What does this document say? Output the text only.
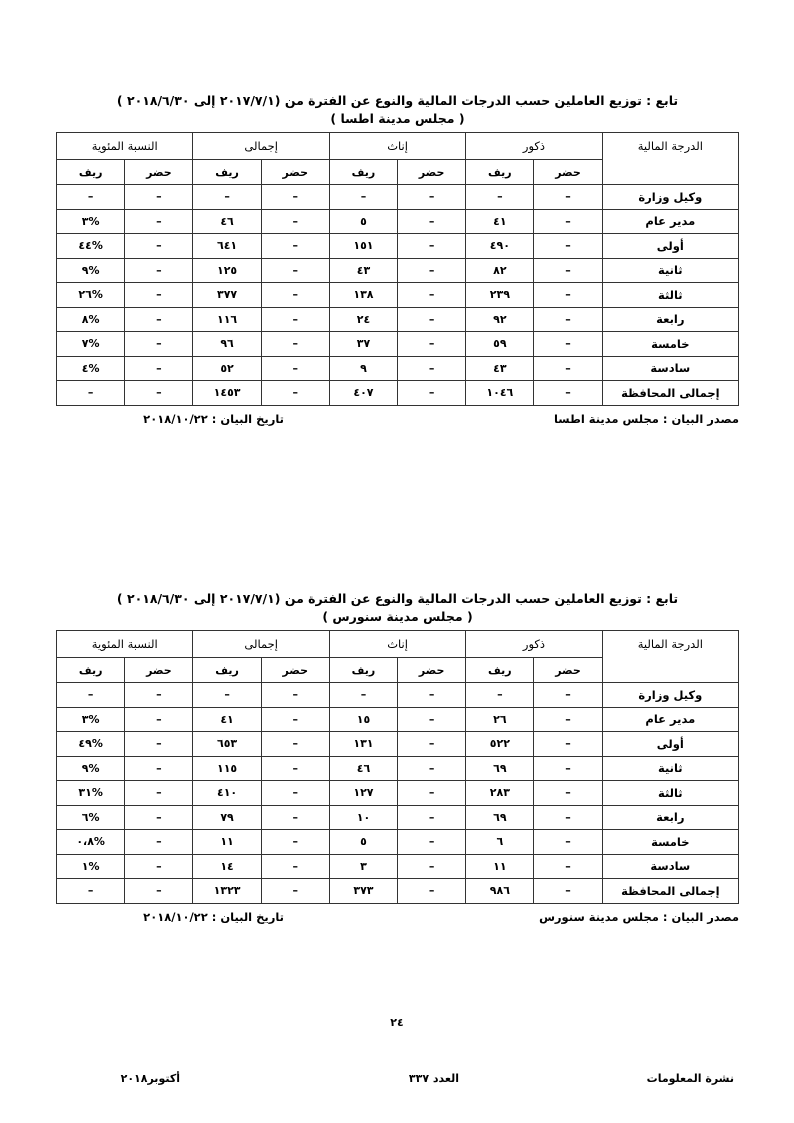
تابع : توزيع العاملين حسب الدرجات المالية والنوع عن الفترة من (٢٠١٧/٧/١ إلى ٢٠١٨/٦/٣٠ )
( مجلس مدينة اطسا )
الدرجة المالية	ذكور		إناث		إجمالى		النسبة المئوية	
	حضر	ريف	حضر	ريف	حضر	ريف	حضر	ريف
وكيل وزارة	–	–	–	–	–	–	–	–
مدير عام	–	٤١	–	٥	–	٤٦	–	%٣
أولى	–	٤٩٠	–	١٥١	–	٦٤١	–	%٤٤
ثانية	–	٨٢	–	٤٣	–	١٢٥	–	%٩
ثالثة	–	٢٣٩	–	١٣٨	–	٣٧٧	–	%٢٦
رابعة	–	٩٢	–	٢٤	–	١١٦	–	%٨
خامسة	–	٥٩	–	٣٧	–	٩٦	–	%٧
سادسة	–	٤٣	–	٩	–	٥٢	–	%٤
إجمالى المحافظة	–	١٠٤٦	–	٤٠٧	–	١٤٥٣	–	–
مصدر البيان : مجلس مدينة اطسا
تاريخ البيان : ٢٠١٨/١٠/٢٢
تابع : توزيع العاملين حسب الدرجات المالية والنوع عن الفترة من (٢٠١٧/٧/١ إلى ٢٠١٨/٦/٣٠ )
( مجلس مدينة سنورس )
الدرجة المالية	ذكور		إناث		إجمالى		النسبة المئوية	
	حضر	ريف	حضر	ريف	حضر	ريف	حضر	ريف
وكيل وزارة	–	–	–	–	–	–	–	–
مدير عام	–	٢٦	–	١٥	–	٤١	–	%٣
أولى	–	٥٢٢	–	١٣١	–	٦٥٣	–	%٤٩
ثانية	–	٦٩	–	٤٦	–	١١٥	–	%٩
ثالثة	–	٢٨٣	–	١٢٧	–	٤١٠	–	%٣١
رابعة	–	٦٩	–	١٠	–	٧٩	–	%٦
خامسة	–	٦	–	٥	–	١١	–	%٠،٨
سادسة	–	١١	–	٣	–	١٤	–	%١
إجمالى المحافظة	–	٩٨٦	–	٣٧٣	–	١٣٢٣	–	–
مصدر البيان : مجلس مدينة سنورس
تاريخ البيان : ٢٠١٨/١٠/٢٢
٢٤
نشرة المعلومات
العدد ٣٣٧
أكتوبر٢٠١٨
